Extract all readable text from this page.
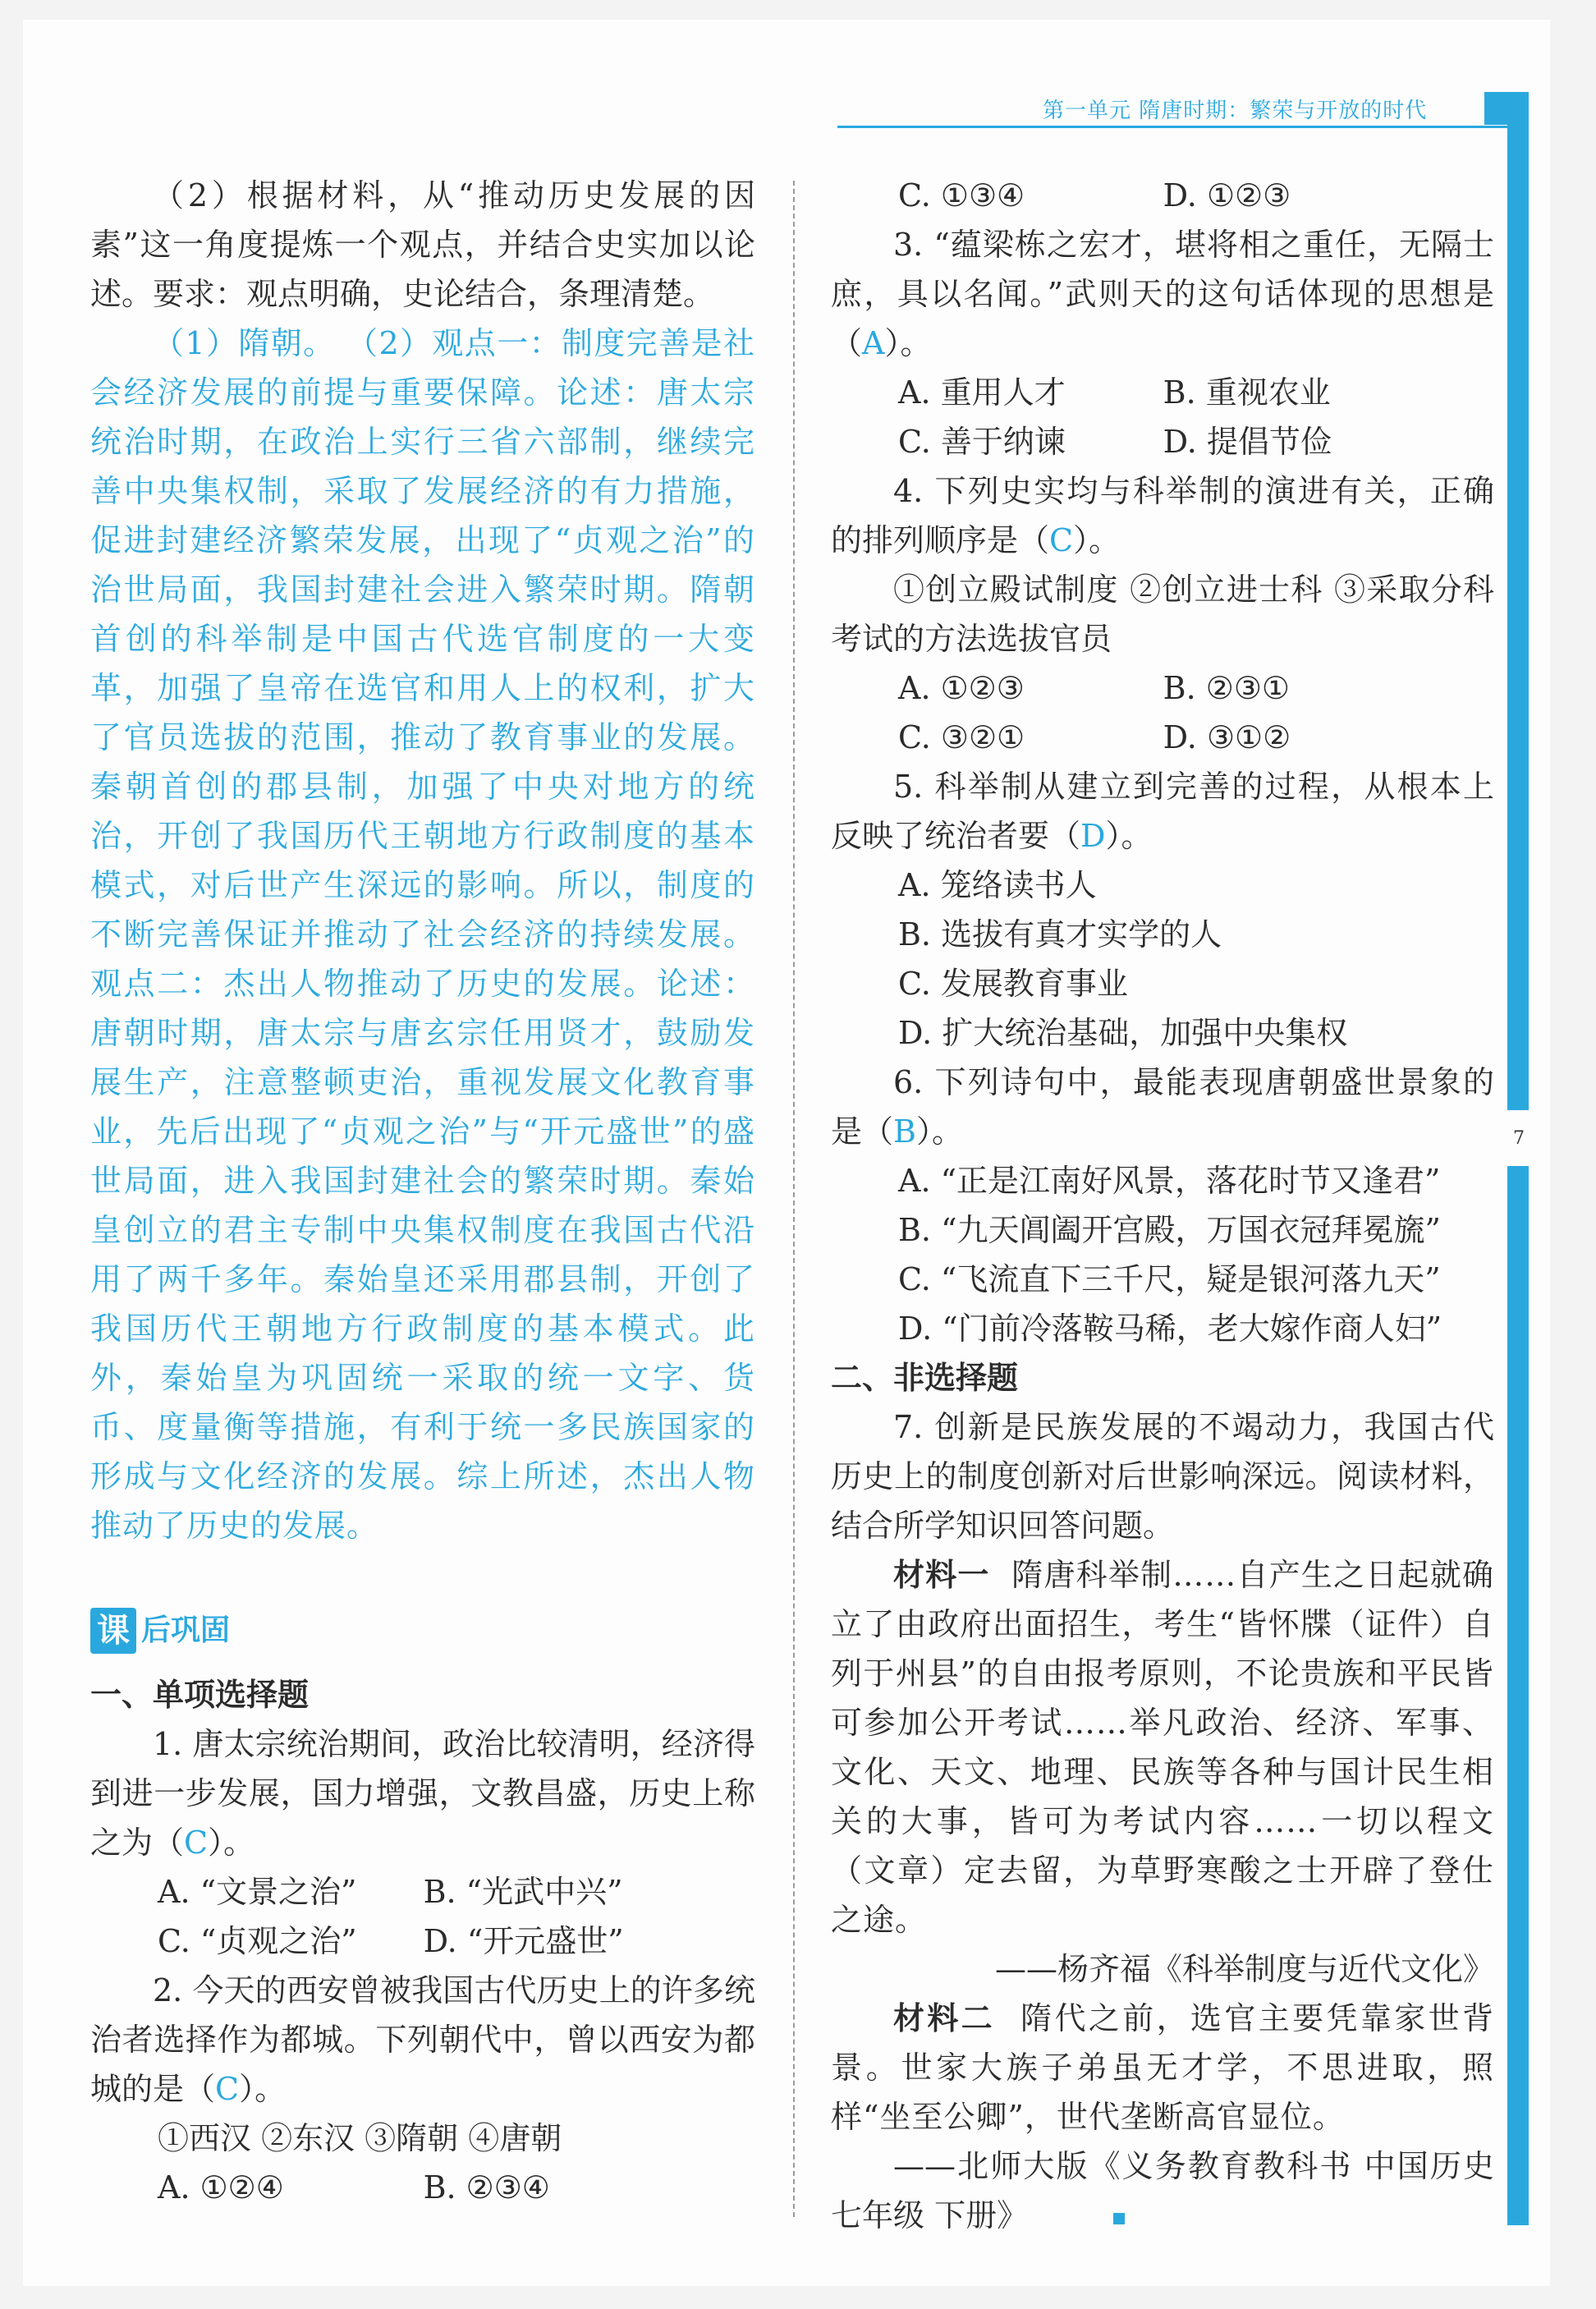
第一单元 隋唐时期：繁荣与开放的时代
7

（2）根据材料，从“推动历史发展的因素”这一角度提炼一个观点，并结合史实加以论述。要求：观点明确，史论结合，条理清楚。

（1）隋朝。 （2）观点一：制度完善是社会经济发展的前提与重要保障。论述：唐太宗统治时期，在政治上实行三省六部制，继续完善中央集权制，采取了发展经济的有力措施，促进封建经济繁荣发展，出现了“贞观之治”的治世局面，我国封建社会进入繁荣时期。隋朝首创的科举制是中国古代选官制度的一大变革，加强了皇帝在选官和用人上的权利，扩大了官员选拔的范围，推动了教育事业的发展。秦朝首创的郡县制，加强了中央对地方的统治，开创了我国历代王朝地方行政制度的基本模式，对后世产生深远的影响。所以，制度的不断完善保证并推动了社会经济的持续发展。 观点二：杰出人物推动了历史的发展。论述：唐朝时期，唐太宗与唐玄宗任用贤才，鼓励发展生产，注意整顿吏治，重视发展文化教育事业，先后出现了“贞观之治”与“开元盛世”的盛世局面，进入我国封建社会的繁荣时期。秦始皇创立的君主专制中央集权制度在我国古代沿用了两千多年。秦始皇还采用郡县制，开创了我国历代王朝地方行政制度的基本模式。此外，秦始皇为巩固统一采取的统一文字、货币、度量衡等措施，有利于统一多民族国家的形成与文化经济的发展。综上所述，杰出人物推动了历史的发展。

课 后巩固

一、单项选择题

1. 唐太宗统治期间，政治比较清明，经济得到进一步发展，国力增强，文教昌盛，历史上称之为（C）。

A. “文景之治”	B. “光武中兴”
C. “贞观之治”	D. “开元盛世”

2. 今天的西安曾被我国古代历史上的许多统治者选择作为都城。下列朝代中，曾以西安为都城的是（C）。

①西汉 ②东汉 ③隋朝 ④唐朝

A. ①②④	B. ②③④
C. ①③④	D. ①②③

3. “蕴梁栋之宏才，堪将相之重任，无隔士庶，具以名闻。”武则天的这句话体现的思想是（A）。

A. 重用人才	B. 重视农业
C. 善于纳谏	D. 提倡节俭

4. 下列史实均与科举制的演进有关，正确的排列顺序是（C）。

①创立殿试制度 ②创立进士科 ③采取分科考试的方法选拔官员

A. ①②③	B. ②③①
C. ③②①	D. ③①②

5. 科举制从建立到完善的过程，从根本上反映了统治者要（D）。

A. 笼络读书人

B. 选拔有真才实学的人

C. 发展教育事业

D. 扩大统治基础，加强中央集权

6. 下列诗句中，最能表现唐朝盛世景象的是（B）。

A. “正是江南好风景，落花时节又逢君”

B. “九天阊阖开宫殿，万国衣冠拜冕旒”

C. “飞流直下三千尺，疑是银河落九天”

D. “门前冷落鞍马稀，老大嫁作商人妇”

二、非选择题

7. 创新是民族发展的不竭动力，我国古代历史上的制度创新对后世影响深远。阅读材料，结合所学知识回答问题。

材料一 隋唐科举制……自产生之日起就确立了由政府出面招生，考生“皆怀牒（证件）自列于州县”的自由报考原则，不论贵族和平民皆可参加公开考试……举凡政治、经济、军事、文化、天文、地理、民族等各种与国计民生相关的大事，皆可为考试内容……一切以程文（文章）定去留，为草野寒酸之士开辟了登仕之途。

——杨齐福《科举制度与近代文化》

材料二 隋代之前，选官主要凭靠家世背景。世家大族子弟虽无才学，不思进取，照样“坐至公卿”，世代垄断高官显位。

——北师大版《义务教育教科书 中国历史 七年级 下册》
